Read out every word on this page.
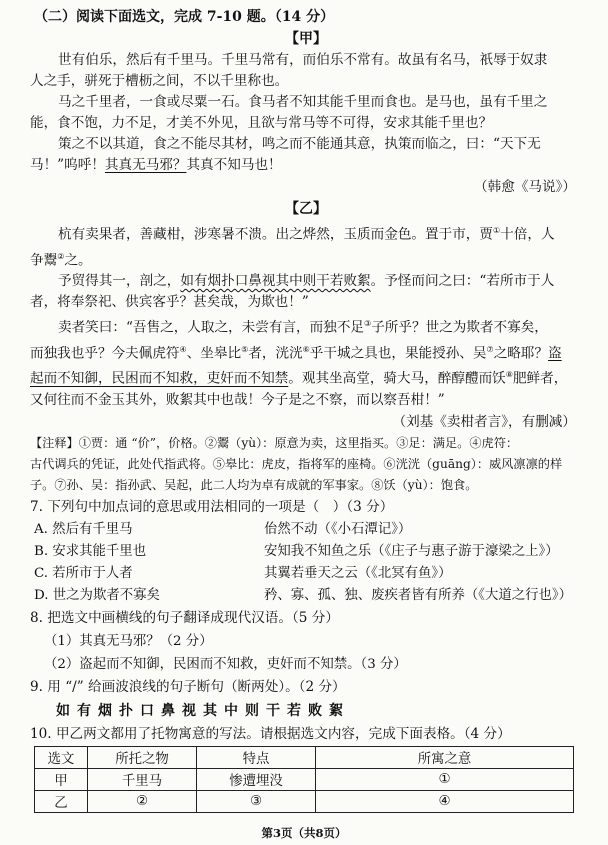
（二）阅读下面选文，完成 7-10 题。（14 分）
【甲】
世有伯乐，然后有千里马。千里马常有，而伯乐不常有。故虽有名马，祇辱于奴隶
人之手，骈死于槽枥之间，不以千里称也。
马之千里者，一食或尽粟一石。食马者不知其能千里而食也。是马也，虽有千里之
能，食不饱，力不足，才美不外见，且欲与常马等不可得，安求其能千里也？
策之不以其道，食之不能尽其材，鸣之而不能通其意，执策而临之，曰：“天下无
马！”呜呼！其真无马邪？其真不知马也！
（韩愈《马说》）
【乙】
杭有卖果者，善藏柑，涉寒暑不溃。出之烨然，玉质而金色。置于市，贾①十倍，人
争鬻②之。
予贸得其一，剖之，如有烟扑口鼻视其中则干若败絮。予怪而问之曰：“若所市于人
者，将奉祭祀、供宾客乎？甚矣哉，为欺也！”
卖者笑曰：“吾售之，人取之，未尝有言，而独不足③子所乎？世之为欺者不寡矣，
而独我也乎？今夫佩虎符④、坐皋比⑤者，洸洸⑥乎干城之具也，果能授孙、吴⑦之略耶？盗
起而不知御，民困而不知救，吏奸而不知禁。观其坐高堂，骑大马，醉醇醴而饫⑧肥鲜者，
又何往而不金玉其外，败絮其中也哉！今子是之不察，而以察吾柑！”
（刘基《卖柑者言》，有删减）
【注释】①贾：通 “价”，价格。②鬻（yù）：原意为卖，这里指买。③足：满足。④虎符：
古代调兵的凭证，此处代指武将。⑤皋比：虎皮，指将军的座椅。⑥洸洸（guāng）：威风凛凛的样
子。⑦孙、吴：指孙武、吴起，此二人均为卓有成就的军事家。⑧饫（yù）：饱食。
7. 下列句中加点词的意思或用法相同的一项是（　）（3 分）
A. 然后有千里马	佁然不动（《小石潭记》）
B. 安求其能千里也	安知我不知鱼之乐（《庄子与惠子游于濠梁之上》）
C. 若所市于人者	其翼若垂天之云（《北冥有鱼》）
D. 世之为欺者不寡矣	矜、寡、孤、独、废疾者皆有所养（《大道之行也》）
8. 把选文中画横线的句子翻译成现代汉语。（5 分）
（1）其真无马邪？（2 分）
（2）盗起而不知御，民困而不知救，吏奸而不知禁。（3 分）
9. 用 “/” 给画波浪线的句子断句（断两处）。（2 分）
如有烟扑口鼻视其中则干若败絮
10. 甲乙两文都用了托物寓意的写法。请根据选文内容，完成下面表格。（4 分）
选文	所托之物	特点	所寓之意
甲	千里马	惨遭埋没	①
乙	②	③	④
第3页（共8页）
